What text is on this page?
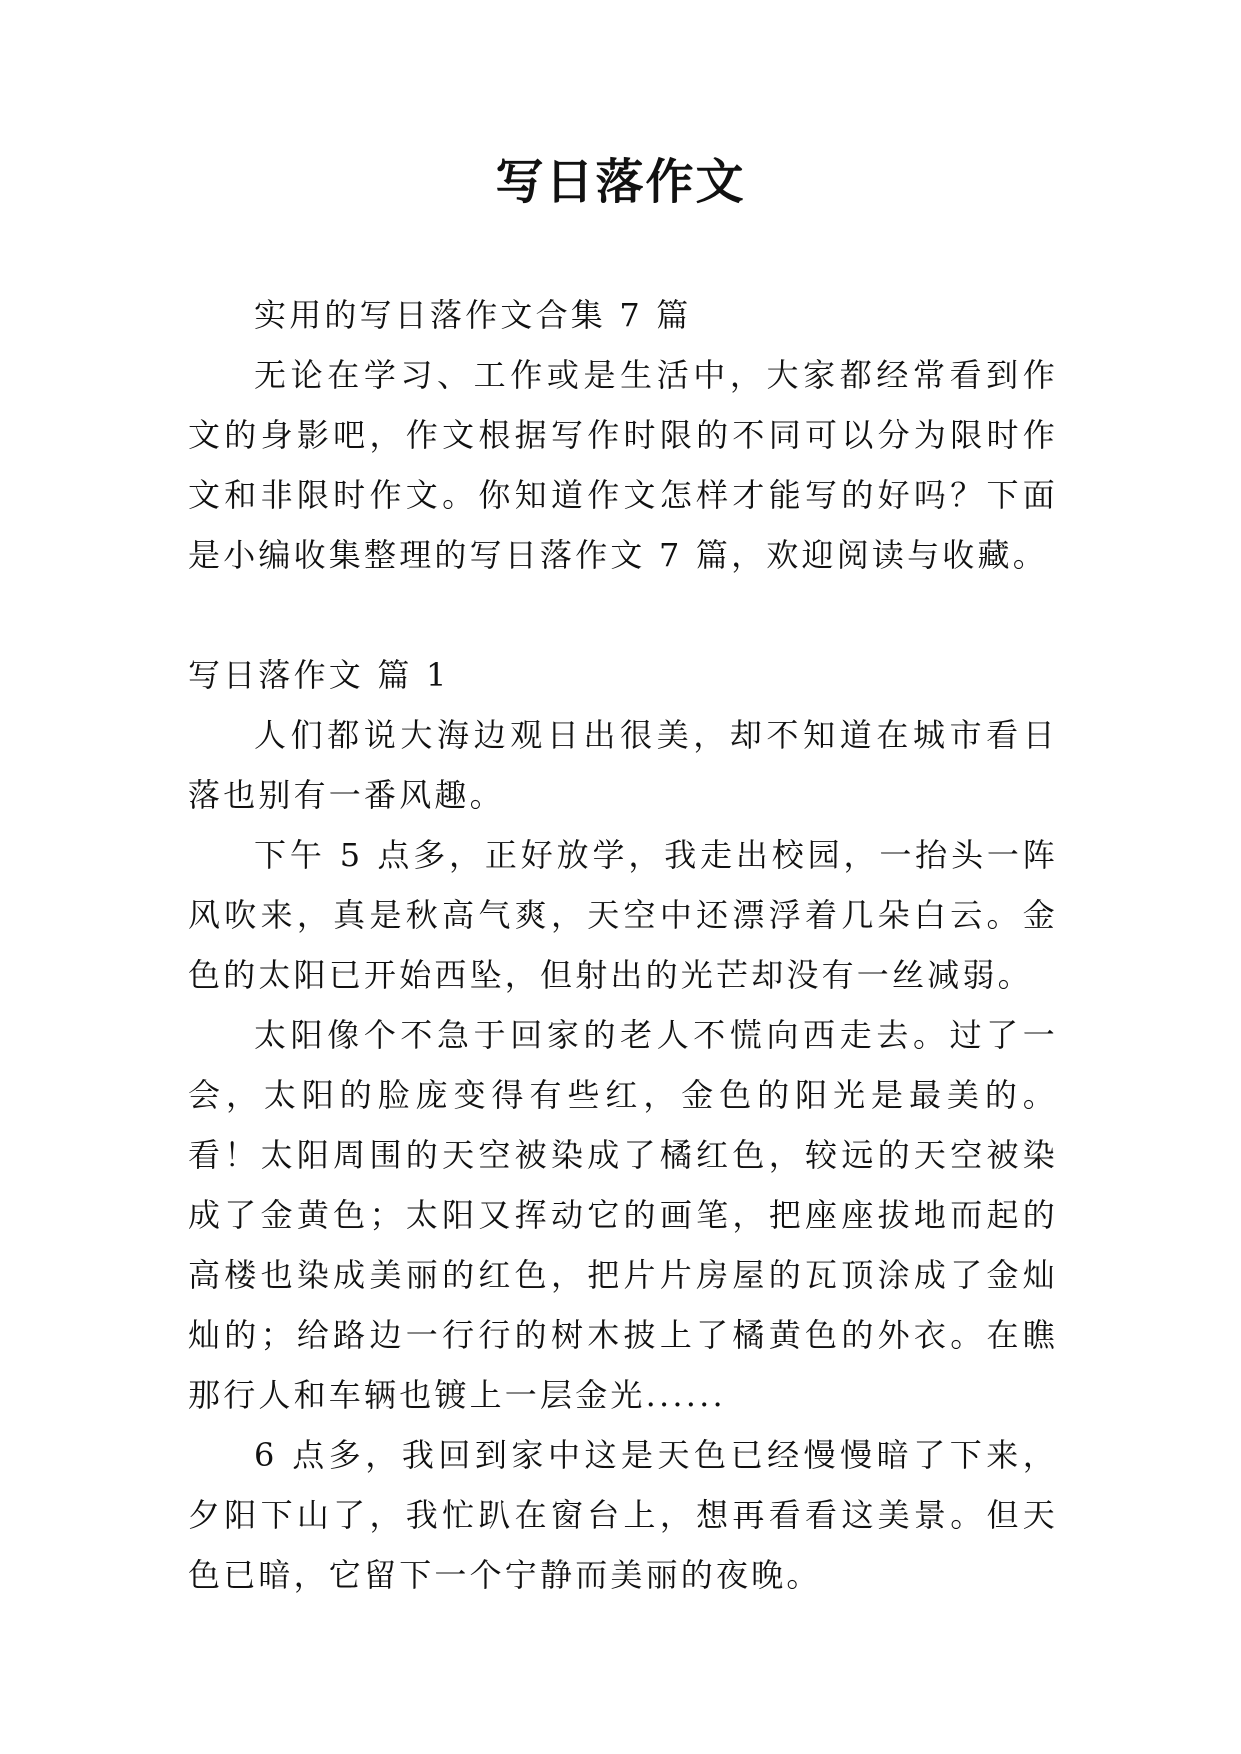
写日落作文

实用的写日落作文合集 7 篇

无论在学习、工作或是生活中，大家都经常看到作文的身影吧，作文根据写作时限的不同可以分为限时作文和非限时作文。你知道作文怎样才能写的好吗？下面是小编收集整理的写日落作文 7 篇，欢迎阅读与收藏。

写日落作文 篇 1

人们都说大海边观日出很美，却不知道在城市看日落也别有一番风趣。

下午 5 点多，正好放学，我走出校园，一抬头一阵风吹来，真是秋高气爽，天空中还漂浮着几朵白云。金色的太阳已开始西坠，但射出的光芒却没有一丝减弱。

太阳像个不急于回家的老人不慌向西走去。过了一会，太阳的脸庞变得有些红，金色的阳光是最美的。看！太阳周围的天空被染成了橘红色，较远的天空被染成了金黄色；太阳又挥动它的画笔，把座座拔地而起的高楼也染成美丽的红色，把片片房屋的瓦顶涂成了金灿灿的；给路边一行行的树木披上了橘黄色的外衣。在瞧那行人和车辆也镀上一层金光......

6 点多，我回到家中这是天色已经慢慢暗了下来，夕阳下山了，我忙趴在窗台上，想再看看这美景。但天色已暗，它留下一个宁静而美丽的夜晚。
